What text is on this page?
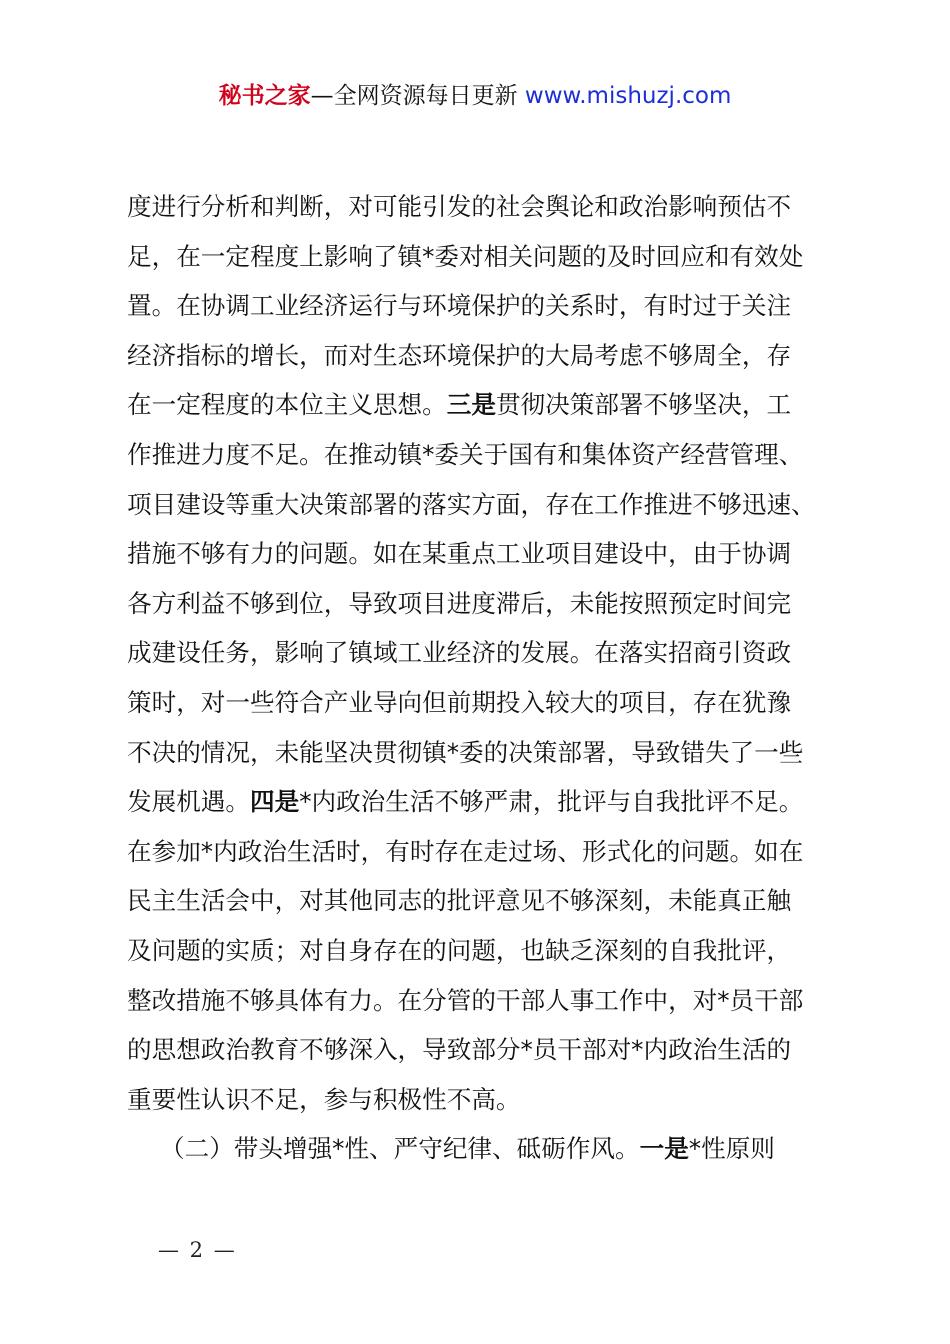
秘书之家—全网资源每日更新 www.mishuzj.com
度进行分析和判断，对可能引发的社会舆论和政治影响预估不
足，在一定程度上影响了镇*委对相关问题的及时回应和有效处
置。在协调工业经济运行与环境保护的关系时，有时过于关注
经济指标的增长，而对生态环境保护的大局考虑不够周全，存
在一定程度的本位主义思想。三是贯彻决策部署不够坚决，工
作推进力度不足。在推动镇*委关于国有和集体资产经营管理、
项目建设等重大决策部署的落实方面，存在工作推进不够迅速、
措施不够有力的问题。如在某重点工业项目建设中，由于协调
各方利益不够到位，导致项目进度滞后，未能按照预定时间完
成建设任务，影响了镇域工业经济的发展。在落实招商引资政
策时，对一些符合产业导向但前期投入较大的项目，存在犹豫
不决的情况，未能坚决贯彻镇*委的决策部署，导致错失了一些
发展机遇。四是*内政治生活不够严肃，批评与自我批评不足。
在参加*内政治生活时，有时存在走过场、形式化的问题。如在
民主生活会中，对其他同志的批评意见不够深刻，未能真正触
及问题的实质；对自身存在的问题，也缺乏深刻的自我批评，
整改措施不够具体有力。在分管的干部人事工作中，对*员干部
的思想政治教育不够深入，导致部分*员干部对*内政治生活的
重要性认识不足，参与积极性不高。
（二）带头增强*性、严守纪律、砥砺作风。一是*性原则
— 2 —
